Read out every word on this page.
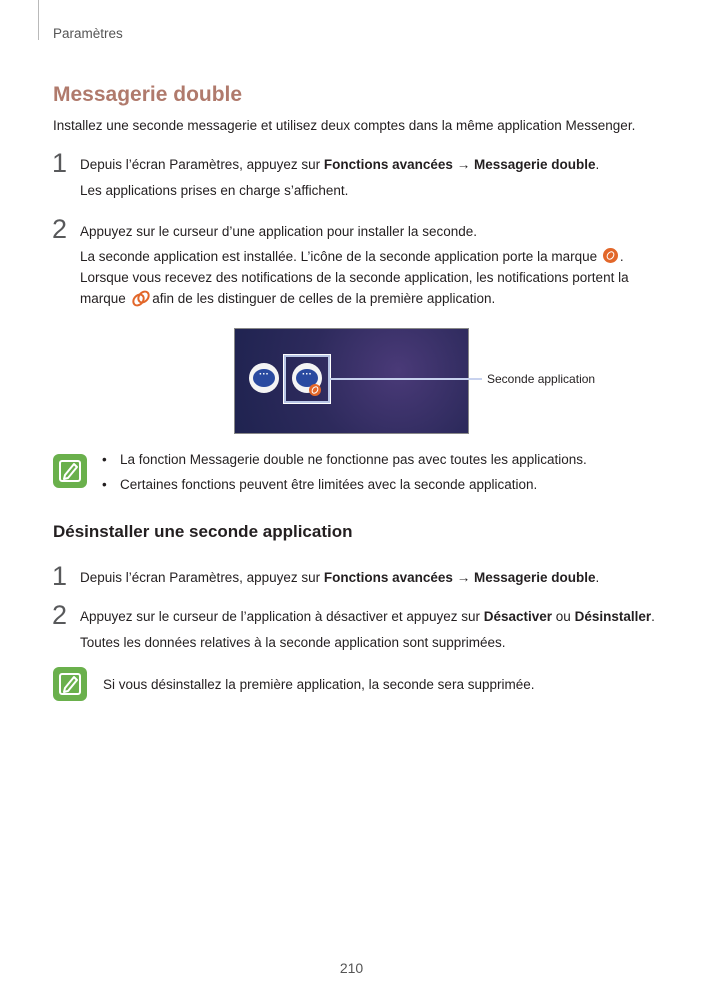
Paramètres
Messagerie double
Installez une seconde messagerie et utilisez deux comptes dans la même application Messenger.
1 Depuis l’écran Paramètres, appuyez sur Fonctions avancées → Messagerie double.
Les applications prises en charge s’affichent.
2 Appuyez sur le curseur d’une application pour installer la seconde.
La seconde application est installée. L’icône de la seconde application porte la marque .
Lorsque vous recevez des notifications de la seconde application, les notifications portent la
marque  afin de les distinguer de celles de la première application.
···	···	Seconde application
• La fonction Messagerie double ne fonctionne pas avec toutes les applications.
• Certaines fonctions peuvent être limitées avec la seconde application.
Désinstaller une seconde application
1 Depuis l’écran Paramètres, appuyez sur Fonctions avancées → Messagerie double.
2 Appuyez sur le curseur de l’application à désactiver et appuyez sur Désactiver ou Désinstaller.
Toutes les données relatives à la seconde application sont supprimées.
Si vous désinstallez la première application, la seconde sera supprimée.
210
